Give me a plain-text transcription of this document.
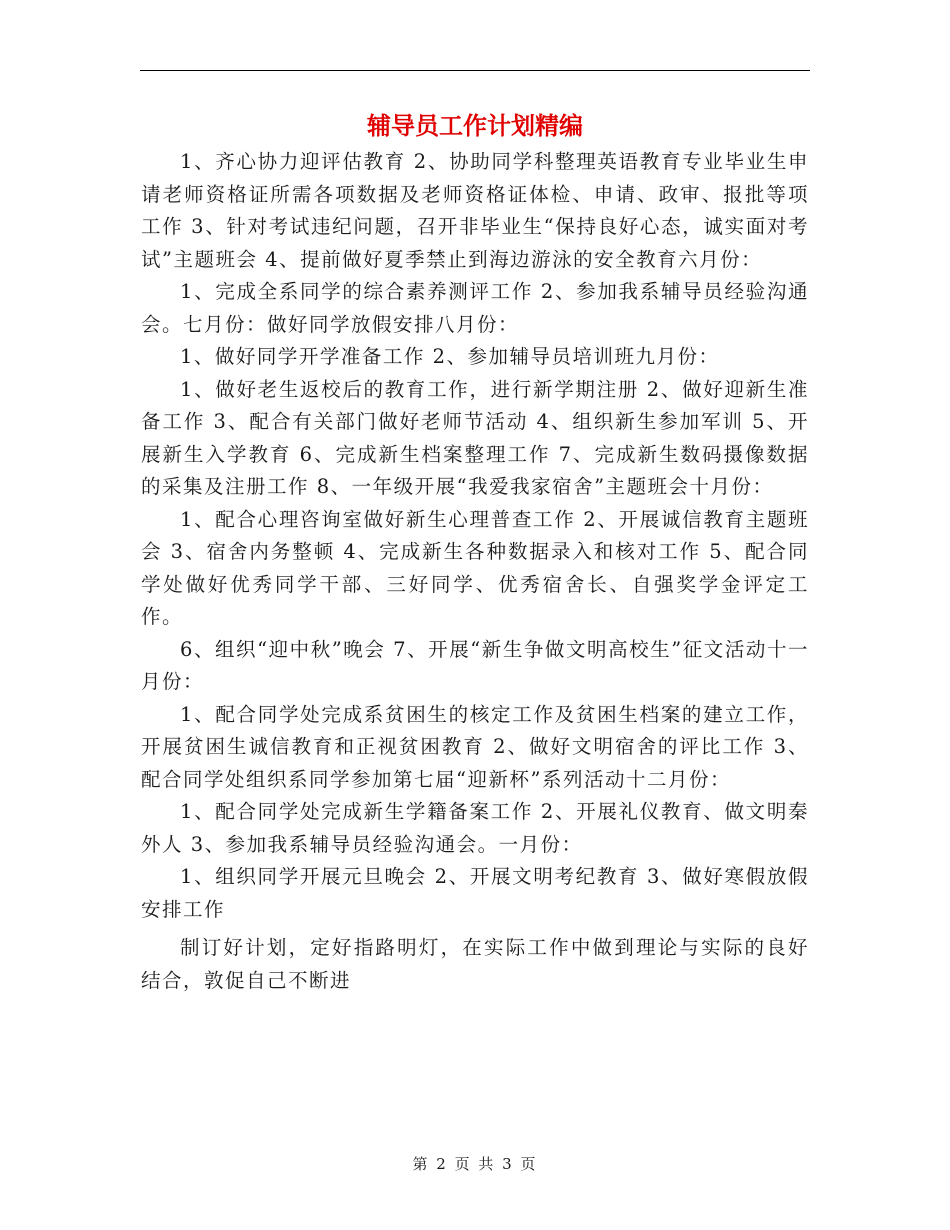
辅导员工作计划精编

1、齐心协力迎评估教育 2、协助同学科整理英语教育专业毕业生申请老师资格证所需各项数据及老师资格证体检、申请、政审、报批等项工作 3、针对考试违纪问题，召开非毕业生“保持良好心态，诚实面对考试”主题班会 4、提前做好夏季禁止到海边游泳的安全教育六月份：

1、完成全系同学的综合素养测评工作 2、参加我系辅导员经验沟通会。七月份：做好同学放假安排八月份：

1、做好同学开学准备工作 2、参加辅导员培训班九月份：

1、做好老生返校后的教育工作，进行新学期注册 2、做好迎新生准备工作 3、配合有关部门做好老师节活动 4、组织新生参加军训 5、开展新生入学教育 6、完成新生档案整理工作 7、完成新生数码摄像数据的采集及注册工作 8、一年级开展“我爱我家宿舍”主题班会十月份：

1、配合心理咨询室做好新生心理普查工作 2、开展诚信教育主题班会 3、宿舍内务整顿 4、完成新生各种数据录入和核对工作 5、配合同学处做好优秀同学干部、三好同学、优秀宿舍长、自强奖学金评定工作。

6、组织“迎中秋”晚会 7、开展“新生争做文明高校生”征文活动十一月份：

1、配合同学处完成系贫困生的核定工作及贫困生档案的建立工作，开展贫困生诚信教育和正视贫困教育 2、做好文明宿舍的评比工作 3、配合同学处组织系同学参加第七届“迎新杯”系列活动十二月份：

1、配合同学处完成新生学籍备案工作 2、开展礼仪教育、做文明秦外人 3、参加我系辅导员经验沟通会。一月份：

1、组织同学开展元旦晚会 2、开展文明考纪教育 3、做好寒假放假安排工作

制订好计划，定好指路明灯，在实际工作中做到理论与实际的良好结合，敦促自己不断进

第 2 页 共 3 页
